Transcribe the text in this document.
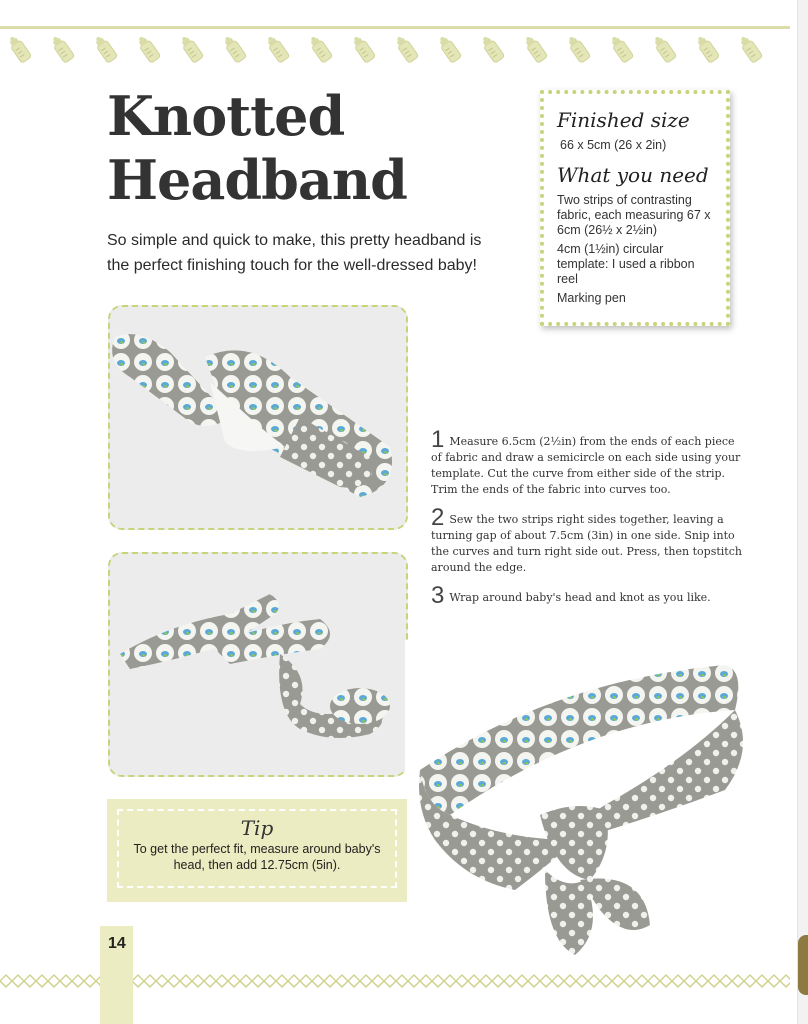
Knotted
Headband

So simple and quick to make, this pretty headband is the perfect finishing touch for the well-dressed baby!

Finished size

66 x 5cm (26 x 2in)

What you need

Two strips of contrasting fabric, each measuring 67 x 6cm (26½ x 2½in)

4cm (1½in) circular template: I used a ribbon reel

Marking pen

1 Measure 6.5cm (2½in) from the ends of each piece of fabric and draw a semicircle on each side using your template. Cut the curve from either side of the strip. Trim the ends of the fabric into curves too.

2 Sew the two strips right sides together, leaving a turning gap of about 7.5cm (3in) in one side. Snip into the curves and turn right side out. Press, then topstitch around the edge.

3 Wrap around baby's head and knot as you like.

Tip

To get the perfect fit, measure around baby's head, then add 12.75cm (5in).

14
